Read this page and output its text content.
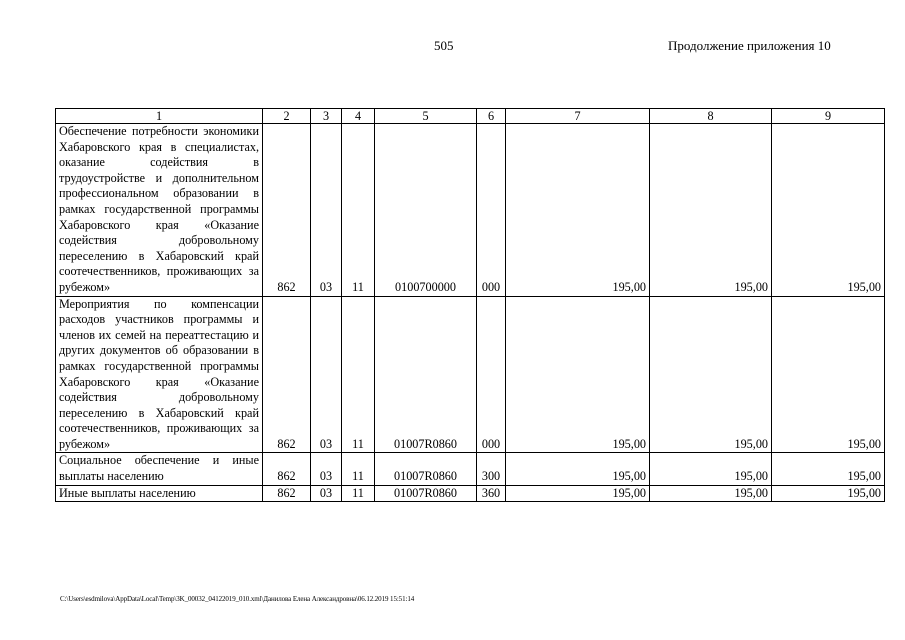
505	Продолжение приложения 10
1	2	3	4	5	6	7	8	9
Обеспечение потребности экономики Хабаровского края в специалистах, оказание содействия в трудоустройстве и дополнительном профессиональном образовании в рамках государственной программы Хабаровского края «Оказание содействия добровольному переселению в Хабаровский край соотечественников, проживающих за рубежом»	862	03	11	0100700000	000	195,00	195,00	195,00
Мероприятия по компенсации расходов участников программы и членов их семей на переаттестацию и других документов об образовании в рамках государственной программы Хабаровского края «Оказание содействия добровольному переселению в Хабаровский край соотечественников, проживающих за рубежом»	862	03	11	01007R0860	000	195,00	195,00	195,00
Социальное обеспечение и иные выплаты населению	862	03	11	01007R0860	300	195,00	195,00	195,00
Иные выплаты населению	862	03	11	01007R0860	360	195,00	195,00	195,00
C:\Users\esdmilova\AppData\Local\Temp\3K_00032_04122019_010.xml\Данилова Елена Александровна\06.12.2019 15:51:14
